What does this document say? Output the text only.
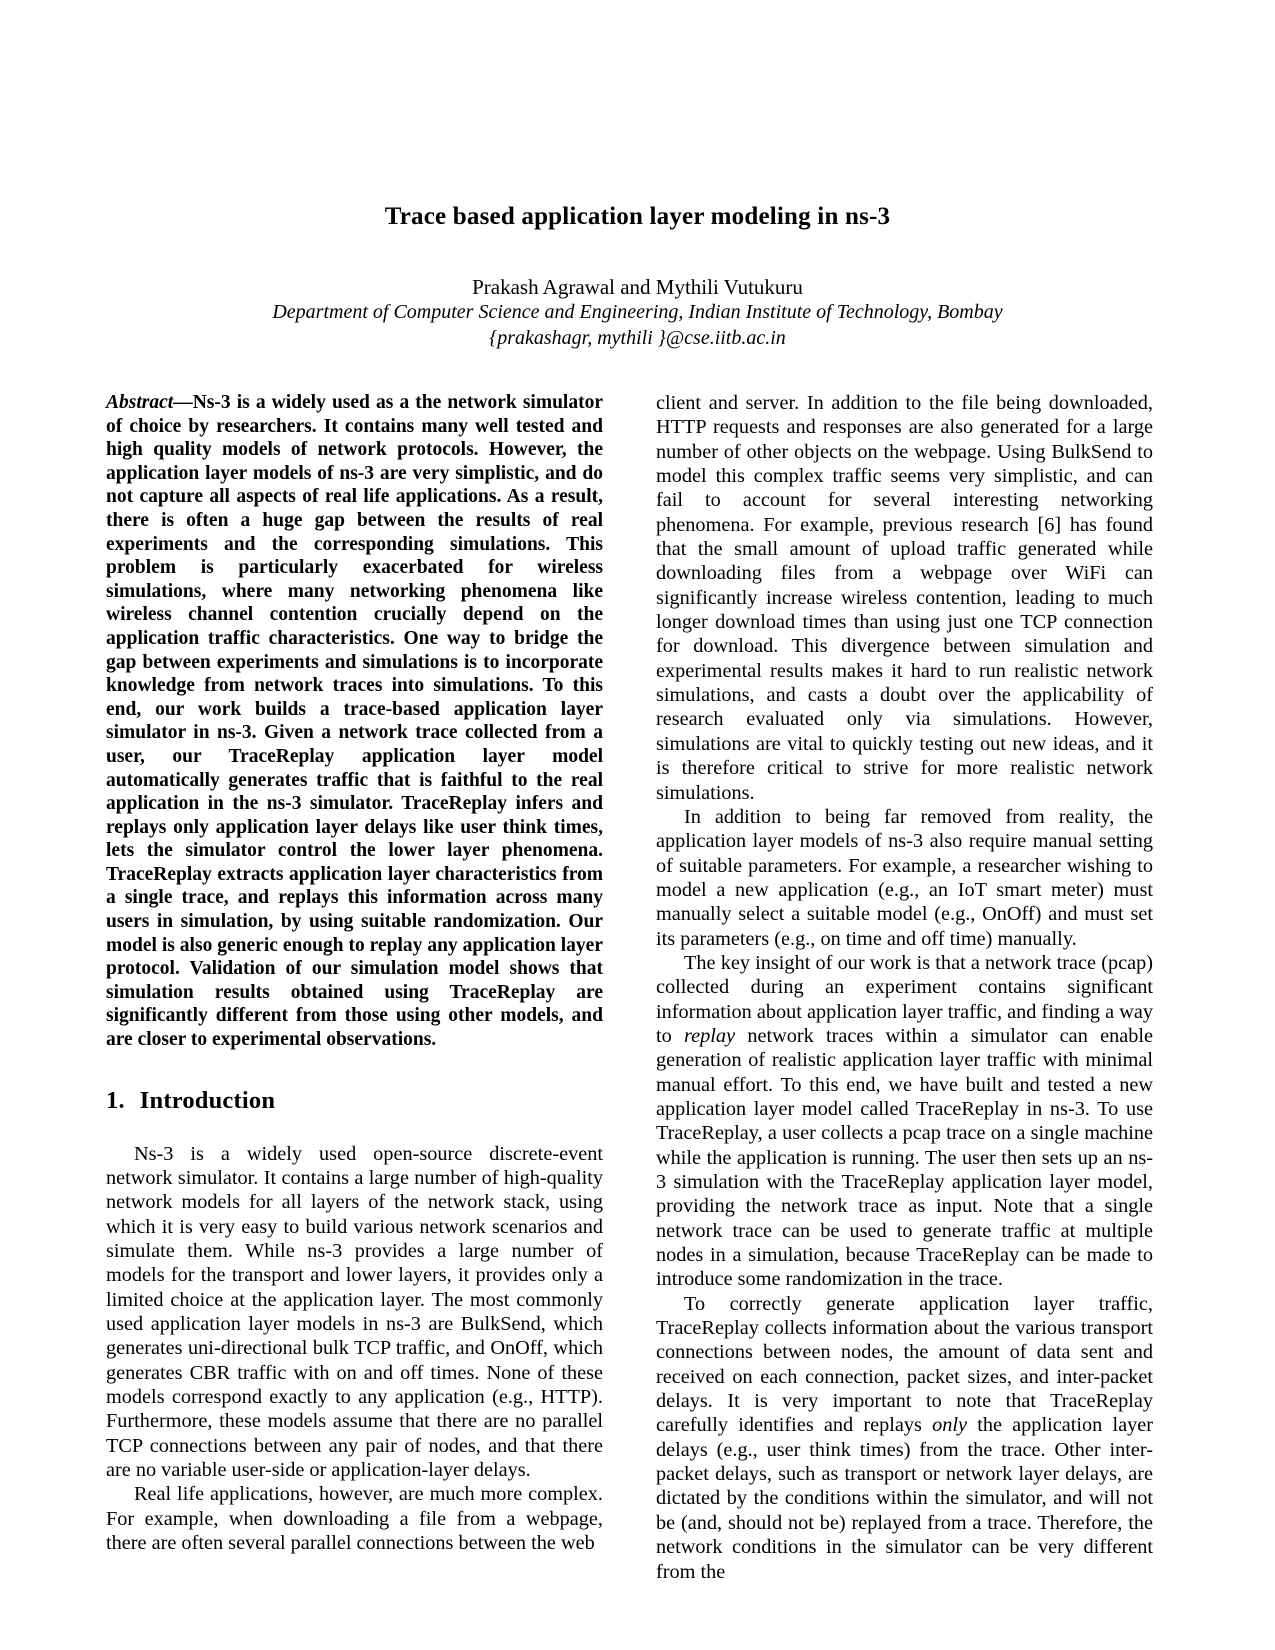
Trace based application layer modeling in ns-3
Prakash Agrawal and Mythili Vutukuru
Department of Computer Science and Engineering, Indian Institute of Technology, Bombay
{prakashagr, mythili }@cse.iitb.ac.in

Abstract—Ns-3 is a widely used as a the network simulator of choice by researchers. It contains many well tested and high quality models of network protocols. However, the application layer models of ns-3 are very simplistic, and do not capture all aspects of real life applications. As a result, there is often a huge gap between the results of real experiments and the corresponding simulations. This problem is particularly exacerbated for wireless simulations, where many networking phenomena like wireless channel contention crucially depend on the application traffic characteristics. One way to bridge the gap between experiments and simulations is to incorporate knowledge from network traces into simulations. To this end, our work builds a trace-based application layer simulator in ns-3. Given a network trace collected from a user, our TraceReplay application layer model automatically generates traffic that is faithful to the real application in the ns-3 simulator. TraceReplay infers and replays only application layer delays like user think times, lets the simulator control the lower layer phenomena. TraceReplay extracts application layer characteristics from a single trace, and replays this information across many users in simulation, by using suitable randomization. Our model is also generic enough to replay any application layer protocol. Validation of our simulation model shows that simulation results obtained using TraceReplay are significantly different from those using other models, and are closer to experimental observations.

1. Introduction

Ns-3 is a widely used open-source discrete-event network simulator. It contains a large number of high-quality network models for all layers of the network stack, using which it is very easy to build various network scenarios and simulate them. While ns-3 provides a large number of models for the transport and lower layers, it provides only a limited choice at the application layer. The most commonly used application layer models in ns-3 are BulkSend, which generates uni-directional bulk TCP traffic, and OnOff, which generates CBR traffic with on and off times. None of these models correspond exactly to any application (e.g., HTTP). Furthermore, these models assume that there are no parallel TCP connections between any pair of nodes, and that there are no variable user-side or application-layer delays.

Real life applications, however, are much more complex. For example, when downloading a file from a webpage, there are often several parallel connections between the web

client and server. In addition to the file being downloaded, HTTP requests and responses are also generated for a large number of other objects on the webpage. Using BulkSend to model this complex traffic seems very simplistic, and can fail to account for several interesting networking phenomena. For example, previous research [6] has found that the small amount of upload traffic generated while downloading files from a webpage over WiFi can significantly increase wireless contention, leading to much longer download times than using just one TCP connection for download. This divergence between simulation and experimental results makes it hard to run realistic network simulations, and casts a doubt over the applicability of research evaluated only via simulations. However, simulations are vital to quickly testing out new ideas, and it is therefore critical to strive for more realistic network simulations.

In addition to being far removed from reality, the application layer models of ns-3 also require manual setting of suitable parameters. For example, a researcher wishing to model a new application (e.g., an IoT smart meter) must manually select a suitable model (e.g., OnOff) and must set its parameters (e.g., on time and off time) manually.

The key insight of our work is that a network trace (pcap) collected during an experiment contains significant information about application layer traffic, and finding a way to replay network traces within a simulator can enable generation of realistic application layer traffic with minimal manual effort. To this end, we have built and tested a new application layer model called TraceReplay in ns-3. To use TraceReplay, a user collects a pcap trace on a single machine while the application is running. The user then sets up an ns-3 simulation with the TraceReplay application layer model, providing the network trace as input. Note that a single network trace can be used to generate traffic at multiple nodes in a simulation, because TraceReplay can be made to introduce some randomization in the trace.

To correctly generate application layer traffic, TraceReplay collects information about the various transport connections between nodes, the amount of data sent and received on each connection, packet sizes, and inter-packet delays. It is very important to note that TraceReplay carefully identifies and replays only the application layer delays (e.g., user think times) from the trace. Other inter-packet delays, such as transport or network layer delays, are dictated by the conditions within the simulator, and will not be (and, should not be) replayed from a trace. Therefore, the network conditions in the simulator can be very different from the
